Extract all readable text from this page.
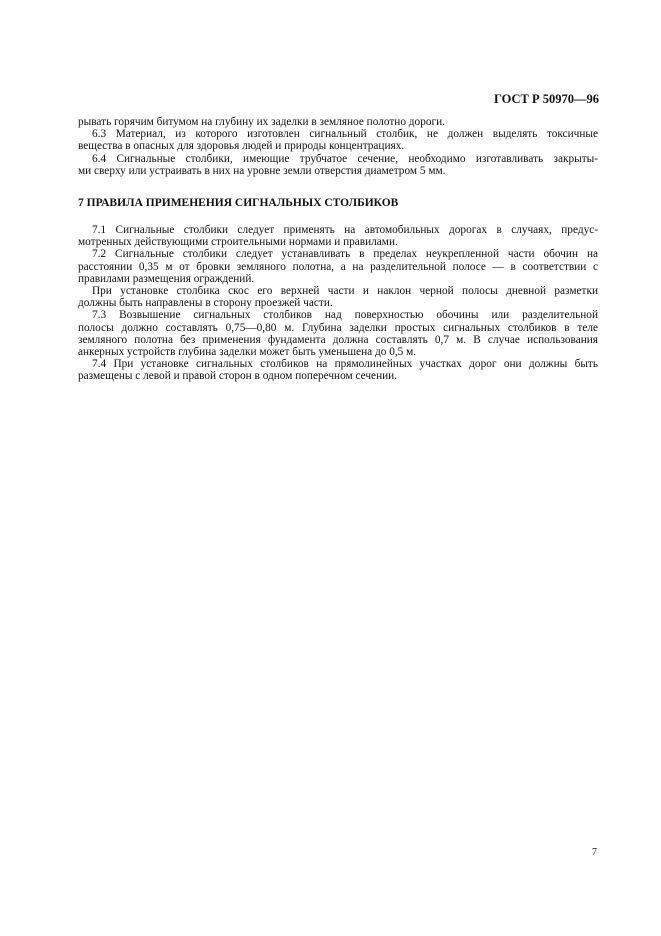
ГОСТ Р 50970—96
рывать горячим битумом на глубину их заделки в земляное полотно дороги.
6.3 Материал, из которого изготовлен сигнальный столбик, не должен выделять токсичные
вещества в опасных для здоровья людей и природы концентрациях.
6.4 Сигнальные столбики, имеющие трубчатое сечение, необходимо изготавливать закрыты-
ми сверху или устраивать в них на уровне земли отверстия диаметром 5 мм.
7 ПРАВИЛА ПРИМЕНЕНИЯ СИГНАЛЬНЫХ СТОЛБИКОВ
7.1 Сигнальные столбики следует применять на автомобильных дорогах в случаях, предус-
мотренных действующими строительными нормами и правилами.
7.2 Сигнальные столбики следует устанавливать в пределах неукрепленной части обочин на
расстоянии 0,35 м от бровки земляного полотна, а на разделительной полосе — в соответствии с
правилами размещения ограждений.
При установке столбика скос его верхней части и наклон черной полосы дневной разметки
должны быть направлены в сторону проезжей части.
7.3 Возвышение сигнальных столбиков над поверхностью обочины или разделительной
полосы должно составлять 0,75—0,80 м. Глубина заделки простых сигнальных столбиков в теле
земляного полотна без применения фундамента должна составлять 0,7 м. В случае использования
анкерных устройств глубина заделки может быть уменьшена до 0,5 м.
7.4 При установке сигнальных столбиков на прямолинейных участках дорог они должны быть
размещены с левой и правой сторон в одном поперечном сечении.
7
